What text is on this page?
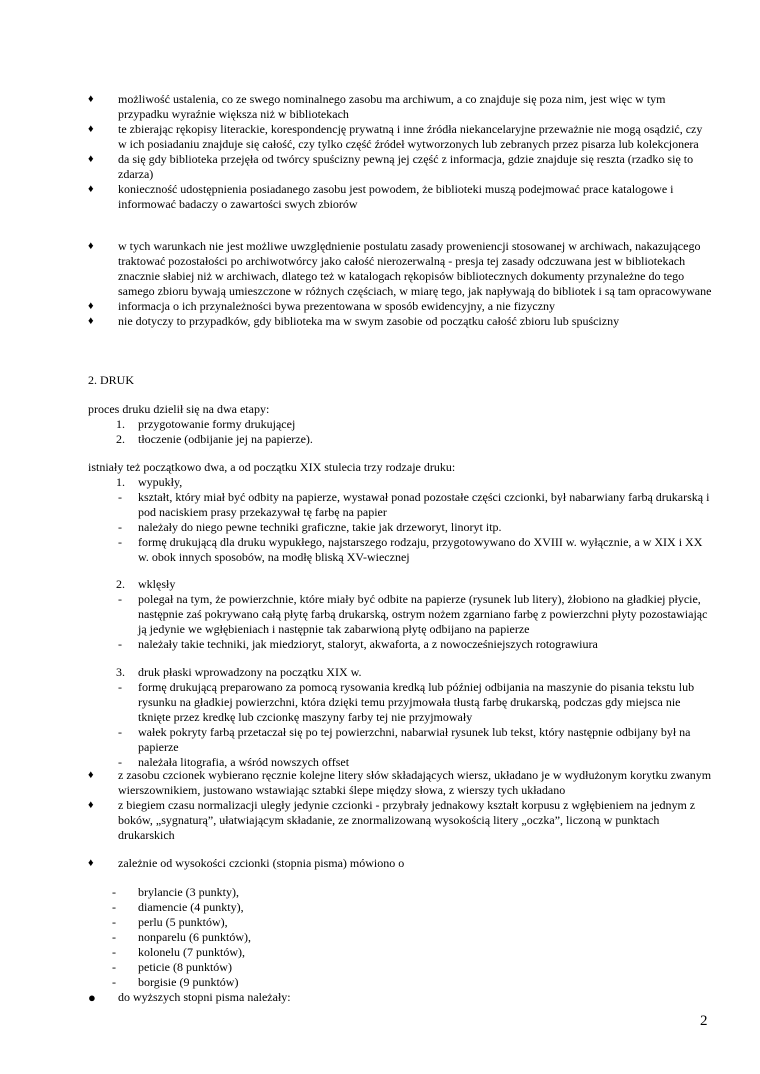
♦ możliwość ustalenia, co ze swego nominalnego zasobu ma archiwum, a co znajduje się poza nim, jest więc w tym przypadku wyraźnie większa niż w bibliotekach
♦ te zbierając rękopisy literackie, korespondencję prywatną i inne źródła niekancelaryjne przeważnie nie mogą osądzić, czy w ich posiadaniu znajduje się całość, czy tylko część źródeł wytworzonych lub zebranych przez pisarza lub kolekcjonera
♦ da się gdy biblioteka przejęła od twórcy spuścizny pewną jej część z informacja, gdzie znajduje się reszta (rzadko się to zdarza)
♦ konieczność udostępnienia posiadanego zasobu jest powodem, że biblioteki muszą podejmować prace katalogowe i informować badaczy o zawartości swych zbiorów
♦ w tych warunkach nie jest możliwe uwzględnienie postulatu zasady proweniencji stosowanej w archiwach, nakazującego traktować pozostałości po archiwotwórcy jako całość nierozerwalną - presja tej zasady odczuwana jest w bibliotekach znacznie słabiej niż w archiwach, dlatego też w katalogach rękopisów bibliotecznych dokumenty przynależne do tego samego zbioru bywają umieszczone w różnych częściach, w miarę tego, jak napływają do bibliotek i są tam opracowywane
♦ informacja o ich przynależności bywa prezentowana w sposób ewidencyjny, a nie fizyczny
♦ nie dotyczy to przypadków, gdy biblioteka ma w swym zasobie od początku całość zbioru lub spuścizny
2. DRUK
proces druku dzielił się na dwa etapy:
1. przygotowanie formy drukującej
2. tłoczenie (odbijanie jej na papierze).
istniały też początkowo dwa, a od początku XIX stulecia trzy rodzaje druku:
1. wypukły,
- kształt, który miał być odbity na papierze, wystawał ponad pozostałe części czcionki, był nabarwiany farbą drukarską i pod naciskiem prasy przekazywał tę farbę na papier
- należały do niego pewne techniki graficzne, takie jak drzeworyt, linoryt itp.
- formę drukującą dla druku wypukłego, najstarszego rodzaju, przygotowywano do XVIII w. wyłącznie, a w XIX i XX w. obok innych sposobów, na modłę bliską XV-wiecznej
2. wklęsły
- polegał na tym, że powierzchnie, które miały być odbite na papierze (rysunek lub litery), żłobiono na gładkiej płycie, następnie zaś pokrywano całą płytę farbą drukarską, ostrym nożem zgarniano farbę z powierzchni płyty pozostawiając ją jedynie we wgłębieniach i następnie tak zabarwioną płytę odbijano na papierze
- należały takie techniki, jak miedzioryt, staloryt, akwaforta, a z nowocześniejszych rotograwiura
3. druk płaski wprowadzony na początku XIX w.
- formę drukującą preparowano za pomocą rysowania kredką lub później odbijania na maszynie do pisania tekstu lub rysunku na gładkiej powierzchni, która dzięki temu przyjmowała tłustą farbę drukarską, podczas gdy miejsca nie tknięte przez kredkę lub czcionkę maszyny farby tej nie przyjmowały
- wałek pokryty farbą przetaczał się po tej powierzchni, nabarwiał rysunek lub tekst, który następnie odbijany był na papierze
- należała litografia, a wśród nowszych offset
♦ z zasobu czcionek wybierano ręcznie kolejne litery słów składających wiersz, układano je w wydłużonym korytku zwanym wierszownikiem, justowano wstawiając sztabki ślepe między słowa, z wierszy tych układano
♦ z biegiem czasu normalizacji uległy jedynie czcionki - przybrały jednakowy kształt korpusu z wgłębieniem na jednym z boków, „sygnaturą”, ułatwiającym składanie, ze znormalizowaną wysokością litery „oczka”, liczoną w punktach drukarskich
♦ zależnie od wysokości czcionki (stopnia pisma) mówiono o
- brylancie (3 punkty),
- diamencie (4 punkty),
- perlu (5 punktów),
- nonparelu (6 punktów),
- kolonelu (7 punktów),
- peticie (8 punktów)
- borgisie (9 punktów)
● do wyższych stopni pisma należały:
2
